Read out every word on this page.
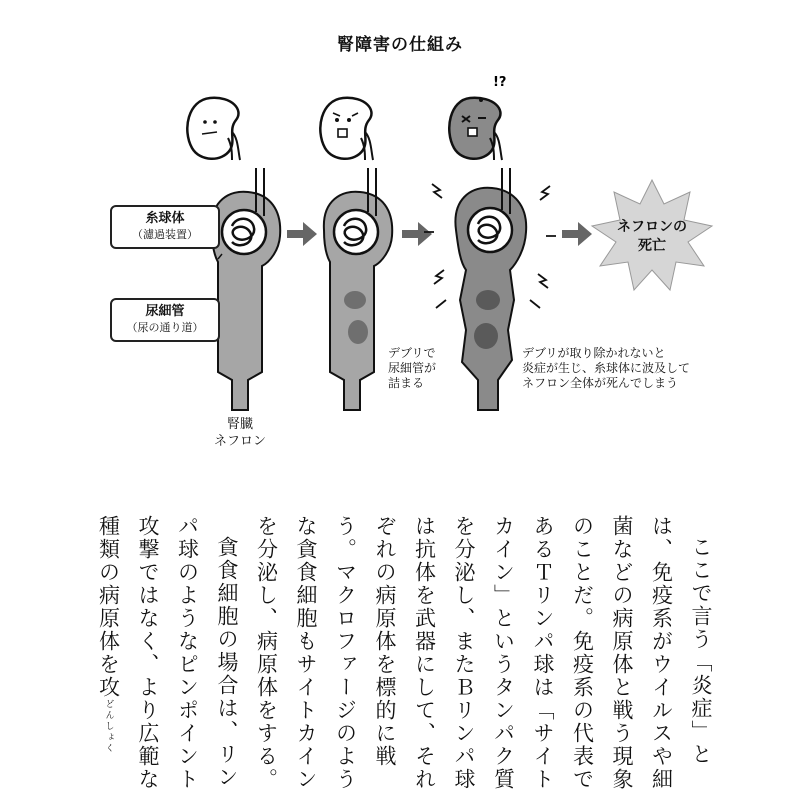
腎障害の仕組み
!?
糸球体
（濾過装置）
尿細管
（尿の通り道）
腎臓
ネフロン
デブリで
尿細管が
詰まる
デブリが取り除かれないと
炎症が生じ、糸球体に波及して
ネフロン全体が死んでしまう
ネフロンの
死亡

ここで言う「炎症」とは、免疫系がウイルスや細菌などの病原体と戦う現象のことだ。免疫系の代表であるＴリンパ球は「サイトカイン」というタンパク質を分泌し、またＢリンパ球は抗体を武器にして、それぞれの病原体を標的に戦う。マクロファージのような貪食細胞もサイトカインを分泌し、病原体をする。

貪食細胞の場合は、リンパ球のようなピンポイント攻撃ではなく、より広範な種類の病原体を攻どんしょく
